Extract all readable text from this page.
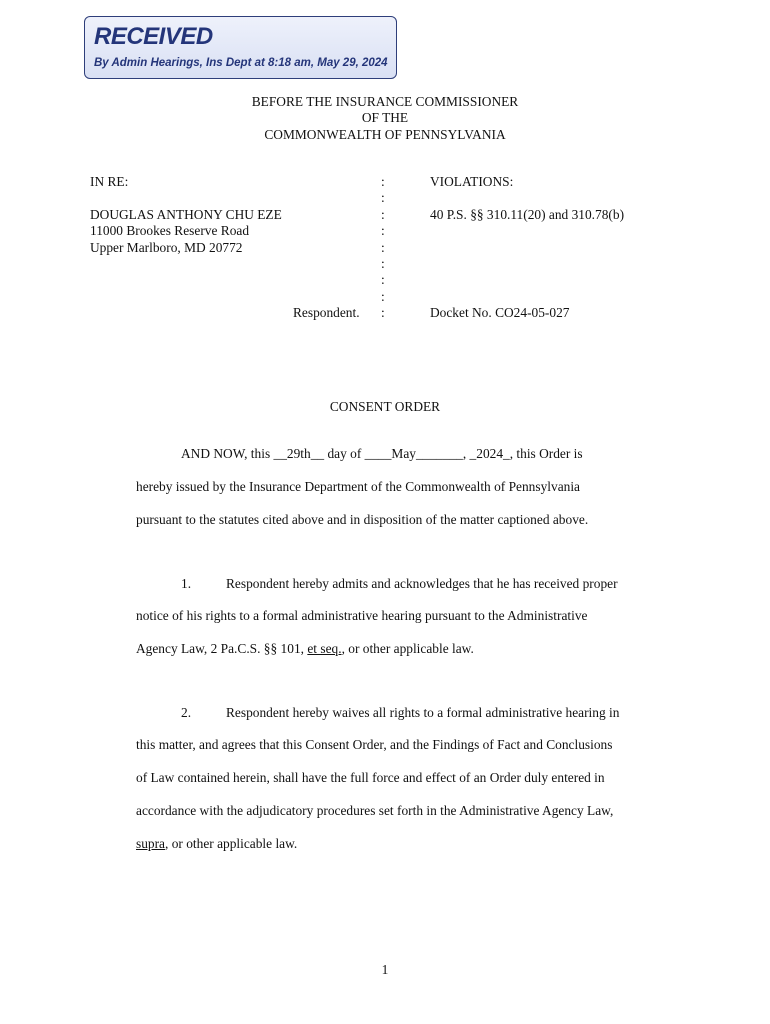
RECEIVED
By Admin Hearings, Ins Dept at 8:18 am, May 29, 2024
BEFORE THE INSURANCE COMMISSIONER
OF THE
COMMONWEALTH OF PENNSYLVANIA
IN RE:
DOUGLAS ANTHONY CHU EZE
11000 Brookes Reserve Road
Upper Marlboro, MD 20772
Respondent.
:
:
:
:
:
:
:
:
:
VIOLATIONS:
40 P.S. §§ 310.11(20) and 310.78(b)
Docket No. CO24-05-027
CONSENT ORDER
AND NOW, this __29th__ day of ____May_______, _2024_, this Order is
hereby issued by the Insurance Department of the Commonwealth of Pennsylvania
pursuant to the statutes cited above and in disposition of the matter captioned above.
1.	Respondent hereby admits and acknowledges that he has received proper
notice of his rights to a formal administrative hearing pursuant to the Administrative
Agency Law, 2 Pa.C.S. §§ 101, et seq., or other applicable law.
2.	Respondent hereby waives all rights to a formal administrative hearing in
this matter, and agrees that this Consent Order, and the Findings of Fact and Conclusions
of Law contained herein, shall have the full force and effect of an Order duly entered in
accordance with the adjudicatory procedures set forth in the Administrative Agency Law,
supra, or other applicable law.
1
